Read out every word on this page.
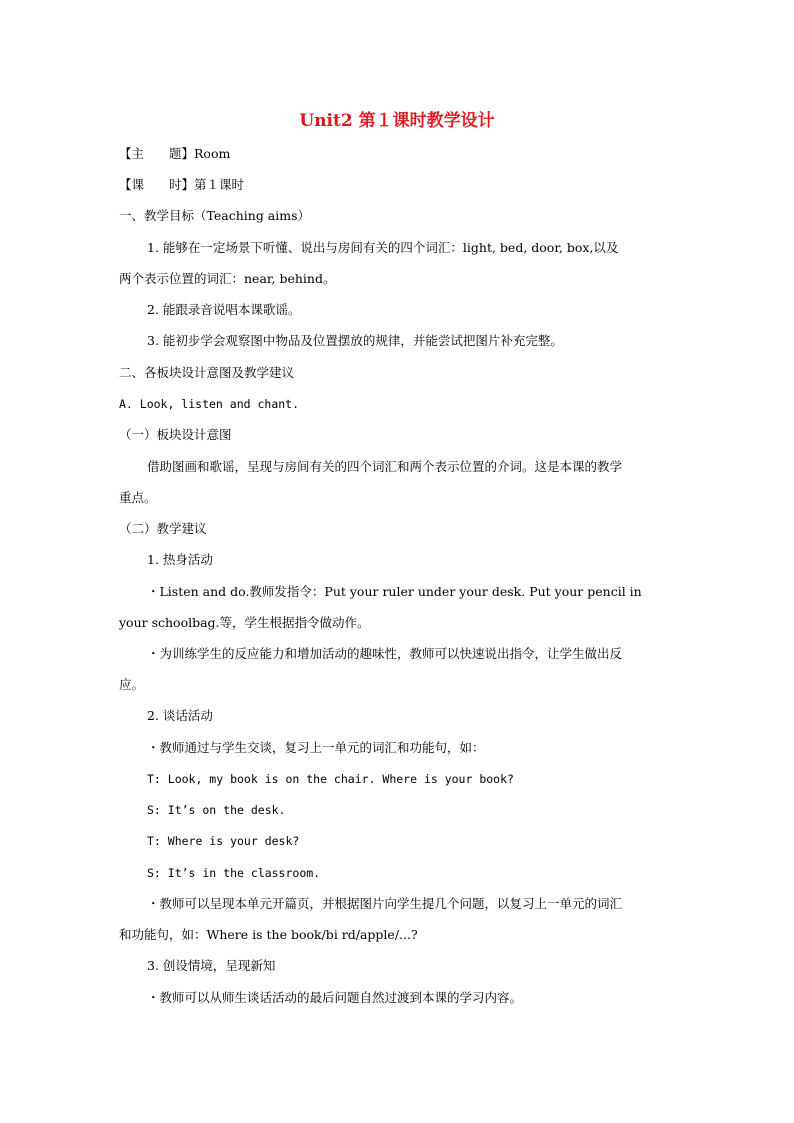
Unit2 第１课时教学设计
【主　　题】Room
【课　　时】第１课时
一、教学目标（Teaching aims）
1. 能够在一定场景下听懂、说出与房间有关的四个词汇：light, bed, door, box,以及
两个表示位置的词汇：near, behind。
2. 能跟录音说唱本课歌谣。
3. 能初步学会观察图中物品及位置摆放的规律，并能尝试把图片补充完整。
二、各板块设计意图及教学建议
A. Look, listen and chant.
（一）板块设计意图
借助图画和歌谣，呈现与房间有关的四个词汇和两个表示位置的介词。这是本课的教学
重点。
（二）教学建议
1. 热身活动
・Listen and do.教师发指令：Put your ruler under your desk. Put your pencil in
your schoolbag.等，学生根据指令做动作。
・为训练学生的反应能力和增加活动的趣味性，教师可以快速说出指令，让学生做出反
应。
2. 谈话活动
・教师通过与学生交谈，复习上一单元的词汇和功能句，如：
T: Look, my book is on the chair. Where is your book?
S: It’s on the desk.
T: Where is your desk?
S: It’s in the classroom.
・教师可以呈现本单元开篇页，并根据图片向学生提几个问题，以复习上一单元的词汇
和功能句，如：Where is the book/bi rd/apple/...?
3. 创设情境，呈现新知
・教师可以从师生谈话活动的最后问题自然过渡到本课的学习内容。
